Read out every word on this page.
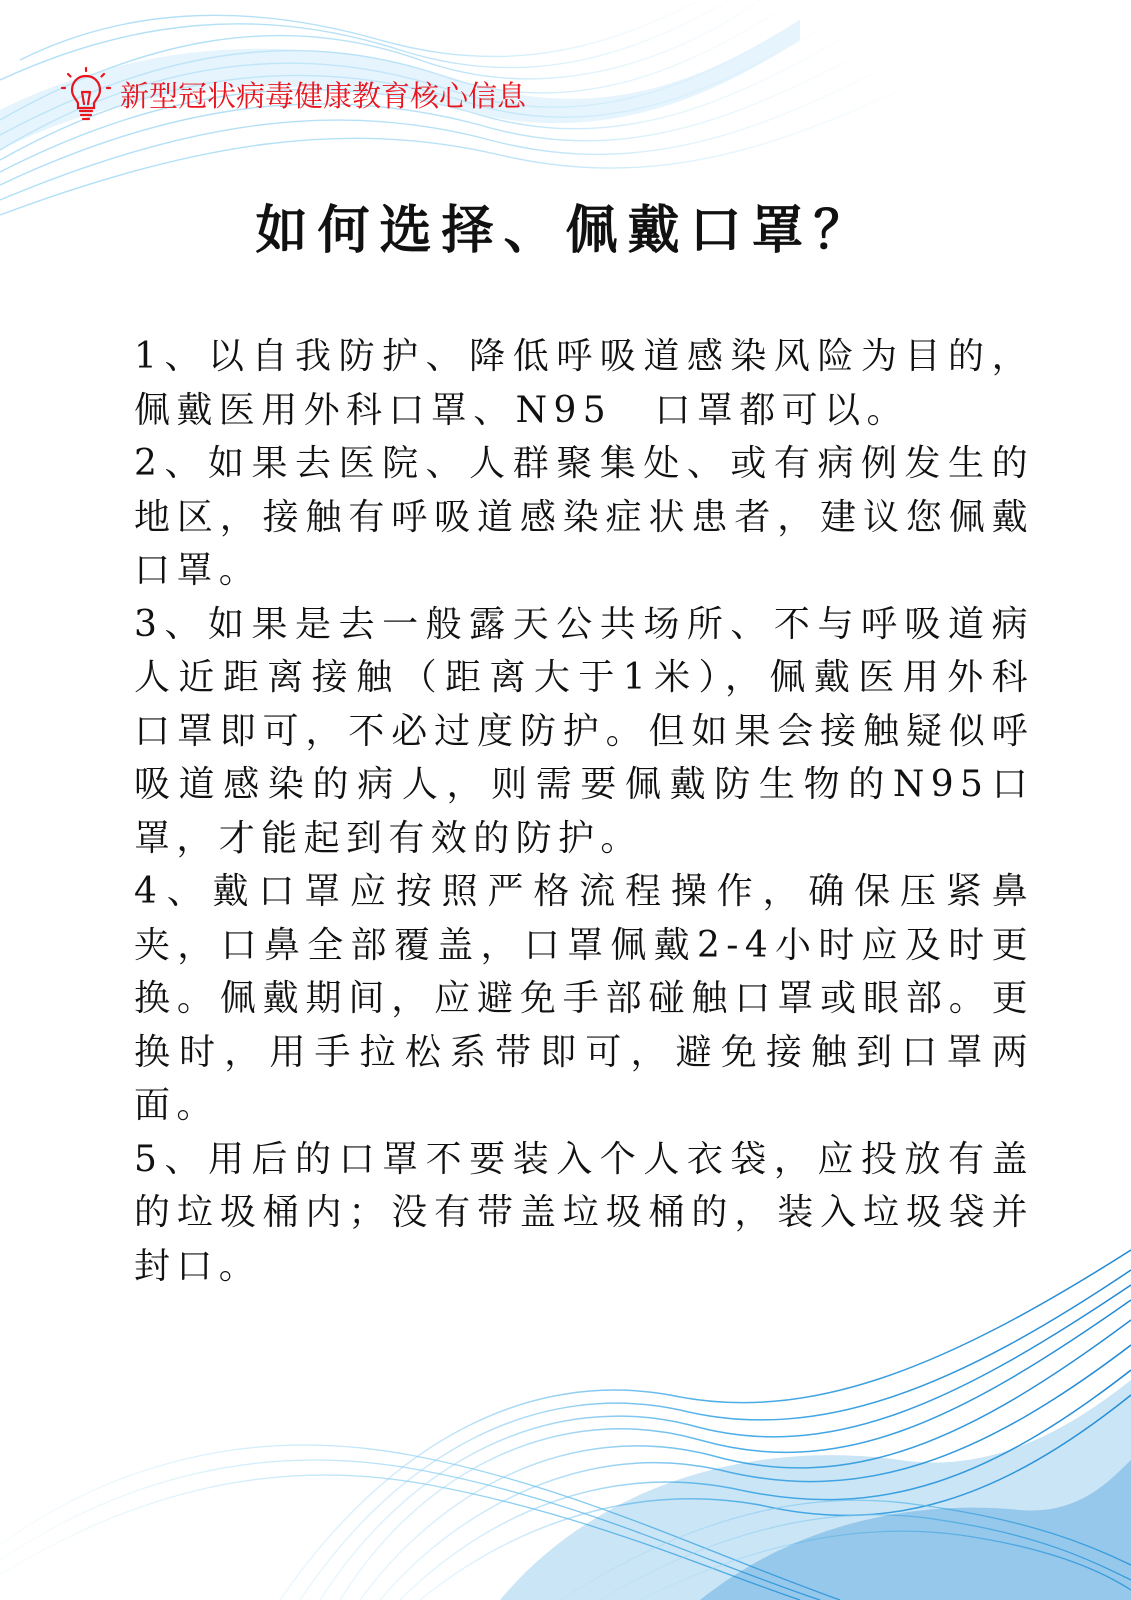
新型冠状病毒健康教育核心信息
如何选择、佩戴口罩？

1、以自我防护、降低呼吸道感染风险为目的，佩戴医用外科口罩、N95　口罩都可以。

2、如果去医院、人群聚集处、或有病例发生的地区，接触有呼吸道感染症状患者，建议您佩戴口罩。

3、如果是去一般露天公共场所、不与呼吸道病人近距离接触（距离大于1米），佩戴医用外科口罩即可，不必过度防护。但如果会接触疑似呼吸道感染的病人，则需要佩戴防生物的N95口罩，才能起到有效的防护。

4、戴口罩应按照严格流程操作，确保压紧鼻夹，口鼻全部覆盖，口罩佩戴2-4小时应及时更换。佩戴期间，应避免手部碰触口罩或眼部。更换时，用手拉松系带即可，避免接触到口罩两面。

5、用后的口罩不要装入个人衣袋，应投放有盖的垃圾桶内；没有带盖垃圾桶的，装入垃圾袋并封口。
